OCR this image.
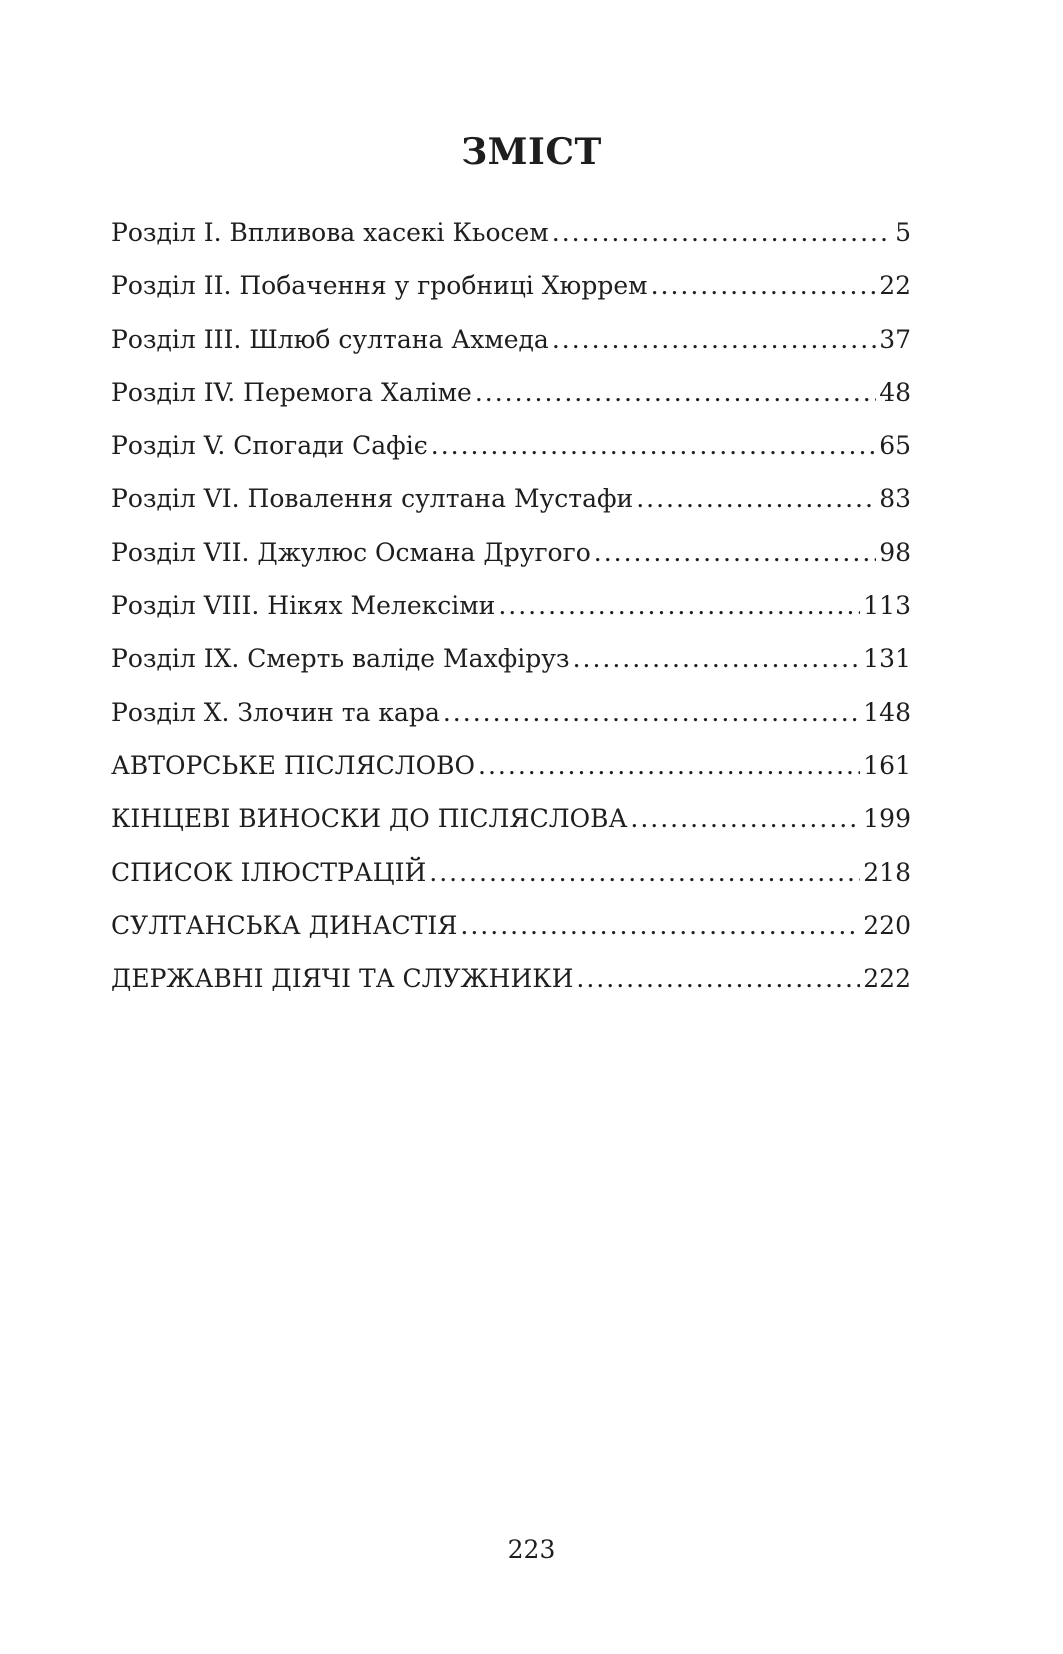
ЗМІСТ
Розділ I. Впливова хасекі Кьосем .....	5
Розділ II. Побачення у гробниці Хюррем .....	22
Розділ III. Шлюб султана Ахмеда .....	37
Розділ IV. Перемога Халіме .....	48
Розділ V. Спогади Сафіє .....	65
Розділ VI. Повалення султана Мустафи .....	83
Розділ VII. Джулюс Османа Другого .....	98
Розділ VIII. Нікях Мелексіми .....	113
Розділ IX. Смерть валіде Махфіруз .....	131
Розділ X. Злочин та кара .....	148
АВТОРСЬКЕ ПІСЛЯСЛОВО .....	161
КІНЦЕВІ ВИНОСКИ ДО ПІСЛЯСЛОВА .....	199
СПИСОК ІЛЮСТРАЦІЙ .....	218
СУЛТАНСЬКА ДИНАСТІЯ .....	220
ДЕРЖАВНІ ДІЯЧІ ТА СЛУЖНИКИ .....	222
223
